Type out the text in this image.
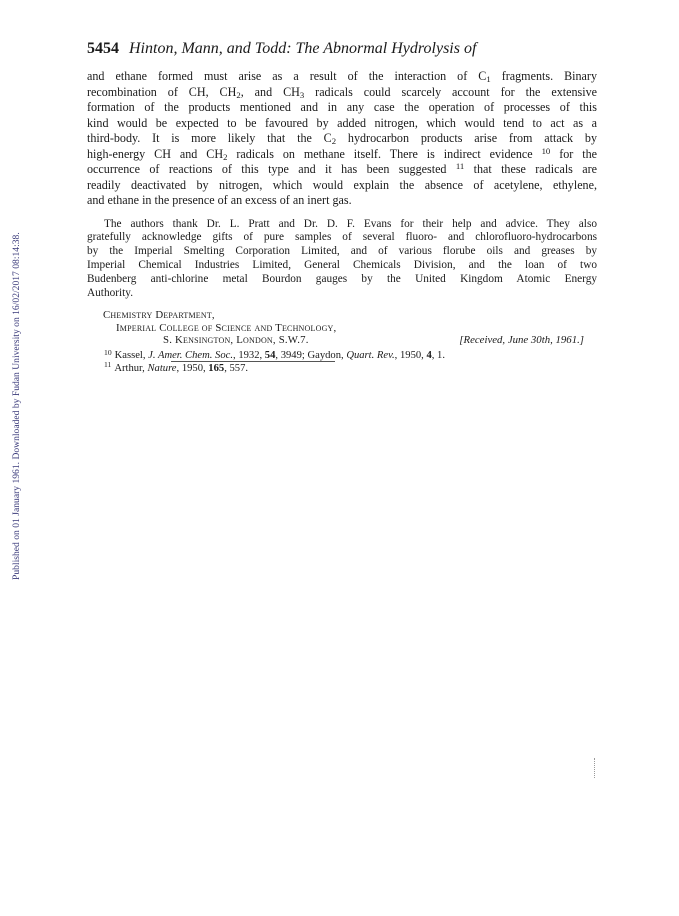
Published on 01 January 1961. Downloaded by Fudan University on 16/02/2017 08:14:38.
5454 Hinton, Mann, and Todd: The Abnormal Hydrolysis of

and ethane formed must arise as a result of the interaction of $C_1$ fragments. Binary
recombination of CH, $CH_2$, and $CH_3$ radicals could scarcely account for the extensive
formation of the products mentioned and in any case the operation of processes of this
kind would be expected to be favoured by added nitrogen, which would tend to act as a
third-body. It is more likely that the $C_2$ hydrocarbon products arise from attack by
high-energy CH and $CH_2$ radicals on methane itself. There is indirect evidence $^{10}$ for the
occurrence of reactions of this type and it has been suggested $^{11}$ that these radicals are
readily deactivated by nitrogen, which would explain the absence of acetylene, ethylene,
and ethane in the presence of an excess of an inert gas.

The authors thank Dr. L. Pratt and Dr. D. F. Evans for their help and advice. They also
gratefully acknowledge gifts of pure samples of several fluoro- and chlorofluoro-hydrocarbons
by the Imperial Smelting Corporation Limited, and of various florube oils and greases by
Imperial Chemical Industries Limited, General Chemicals Division, and the loan of two
Budenberg anti-chlorine metal Bourdon gauges by the United Kingdom Atomic Energy
Authority.

Chemistry Department,
Imperial College of Science and Technology,
S. Kensington, London, S.W.7.	[Received, June 30th, 1961.]
$^{10}$ Kassel, J. Amer. Chem. Soc., 1932, 54, 3949; Gaydon, Quart. Rev., 1950, 4, 1.
$^{11}$ Arthur, Nature, 1950, 165, 557.
